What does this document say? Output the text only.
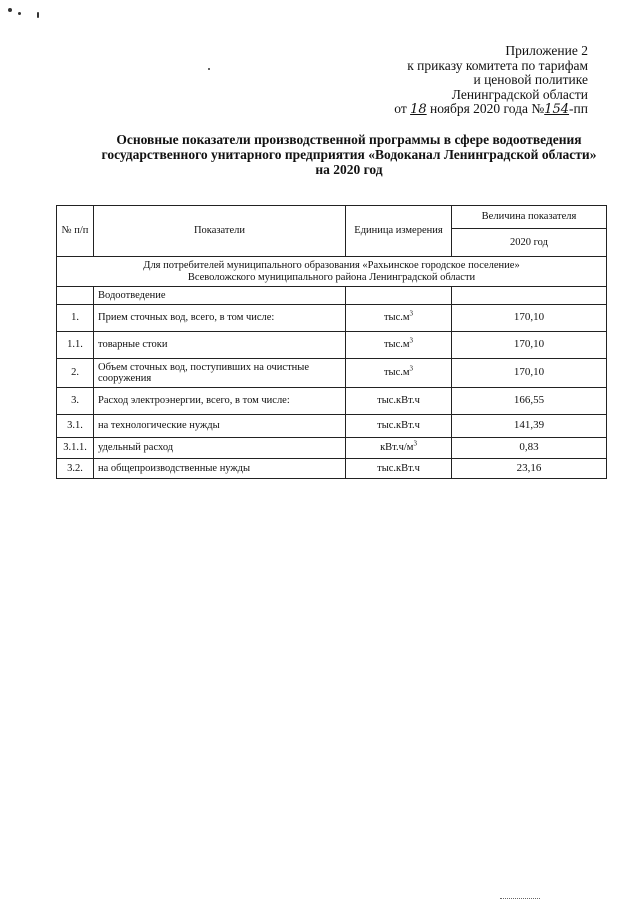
Приложение 2
к приказу комитета по тарифам
и ценовой политике
Ленинградской области
от 18 ноября 2020 года №154-пп
Основные показатели производственной программы в сфере водоотведения
государственного унитарного предприятия «Водоканал Ленинградской области»
на 2020 год
№ п/п	Показатели	Единица измерения	Величина показателя
			2020 год

Для потребителей муниципального образования «Рахьинское городское поселение»
Всеволожского муниципального района Ленинградской области			

	Водоотведение		
1.	Прием сточных вод, всего, в том числе:	$тыс.м^3$	170,10
1.1.	товарные стоки	$тыс.м^3$	170,10
2.	Объем сточных вод, поступивших на очистные сооружения	$тыс.м^3$	170,10
3.	Расход электроэнергии, всего, в том числе:	тыс.кВт.ч	166,55
3.1.	на технологические нужды	тыс.кВт.ч	141,39
3.1.1.	удельный расход	$кВт.ч/м^3$	0,83
3.2.	на общепроизводственные нужды	тыс.кВт.ч	23,16
